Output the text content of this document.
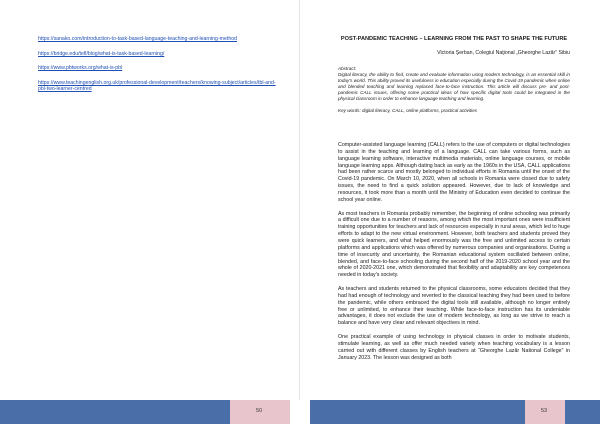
https://sanako.com/introduction-to-task-based-language-teaching-and-learning-method
https://bridge.edu/tefl/blog/what-is-task-based-learning/
https://www.pbtworks.org/what-is-pbl
https://www.teachingenglish.org.uk/professional-development/teachers/knowing-subject/articles/tbl-and-pbl-two-learner-centred

POST-PANDEMIC TEACHING – LEARNING FROM THE PAST TO SHAPE THE FUTURE

Victoria Şerban, Colegiul Naţional „Gheorghe Lazăr” Sibiu

Abstract:

Digital literacy, the ability to find, create and evaluate information using modern technology, is an essential skill in today's world. This ability proved its usefulness in education especially during the Covid-19 pandemic when online and blended teaching and learning replaced face-to-face instruction. This article will discuss pre- and post-pandemic CALL issues, offering some practical ideas of how specific digital tools could be integrated in the physical classroom in order to enhance language teaching and learning.

Key words: digital literacy, CALL, online platforms, practical activities

Computer-assisted language learning (CALL) refers to the use of computers or digital technologies to assist in the teaching and learning of a language. CALL can take various forms, such as language learning software, interactive multimedia materials, online language courses, or mobile language learning apps. Although dating back as early as the 1960s in the USA, CALL applications had been rather scarce and mostly belonged to individual efforts in Romania until the onset of the Covid-19 pandemic. On March 10, 2020, when all schools in Romania were closed due to safety issues, the need to find a quick solution appeared. However, due to lack of knowledge and resources, it took more than a month until the Ministry of Education even decided to continue the school year online.

As most teachers in Romania probably remember, the beginning of online schooling was primarily a difficult one due to a number of reasons, among which the most important ones were insufficient training opportunities for teachers and lack of resources especially in rural areas, which led to huge efforts to adapt to the new virtual environment. However, both teachers and students proved they were quick learners, and what helped enormously was the free and unlimited access to certain platforms and applications which was offered by numerous companies and organisations. During a time of insecurity and uncertainty, the Romanian educational system oscillated between online, blended, and face-to-face schooling during the second half of the 2019-2020 school year and the whole of 2020-2021 one, which demonstrated that flexibility and adaptability are key competences needed in today's society.

As teachers and students returned to the physical classrooms, some educators decided that they had had enough of technology and reverted to the classical teaching they had been used to before the pandemic, while others embraced the digital tools still available, although no longer entirely free or unlimited, to enhance their teaching. While face-to-face instruction has its undeniable advantages, it does not exclude the use of modern technology, as long as we strive to reach a balance and have very clear and relevant objectives in mind.

One practical example of using technology in physical classes in order to motivate students, stimulate learning, as well as offer much needed variety when teaching vocabulary is a lesson carried out with different classes by English teachers at “Gheorghe Lazăr National College” in January 2023. The lesson was designed as both

50	53
